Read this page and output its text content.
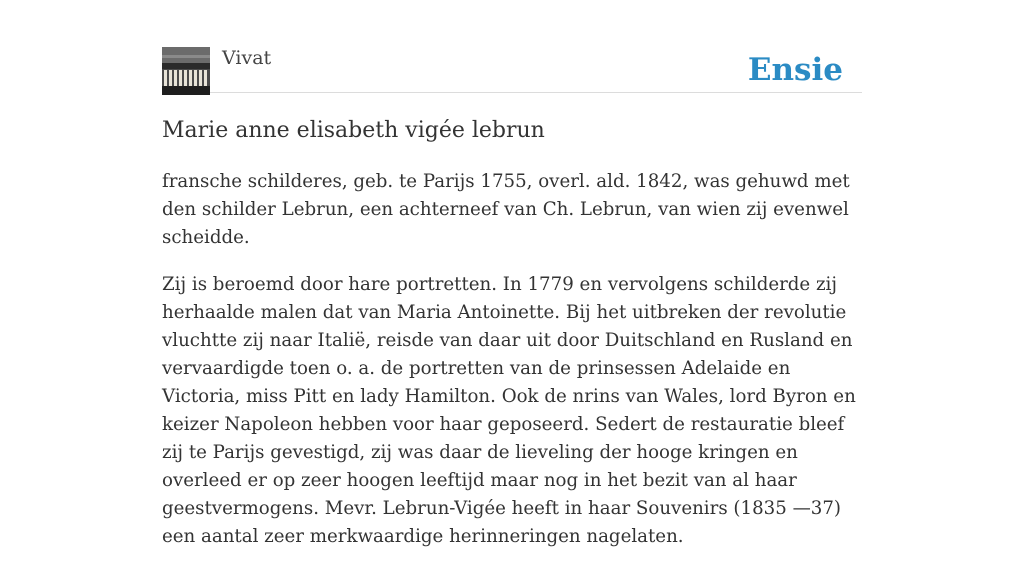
Vivat	Ensie
Marie anne elisabeth vigée lebrun

fransche schilderes, geb. te Parijs 1755, overl. ald. 1842, was gehuwd met den schilder Lebrun, een achterneef van Ch. Lebrun, van wien zij evenwel scheidde.

Zij is beroemd door hare portretten. In 1779 en vervolgens schilderde zij herhaalde malen dat van Maria Antoinette. Bij het uitbreken der revolutie vluchtte zij naar Italië, reisde van daar uit door Duitschland en Rusland en vervaardigde toen o. a. de portretten van de prinsessen Adelaide en Victoria, miss Pitt en lady Hamilton. Ook de nrins van Wales, lord Byron en keizer Napoleon hebben voor haar geposeerd. Sedert de restauratie bleef zij te Parijs gevestigd, zij was daar de lieveling der hooge kringen en overleed er op zeer hoogen leeftijd maar nog in het bezit van al haar geestvermogens. Mevr. Lebrun-Vigée heeft in haar Souvenirs (1835 —37) een aantal zeer merkwaardige herinneringen nagelaten.
